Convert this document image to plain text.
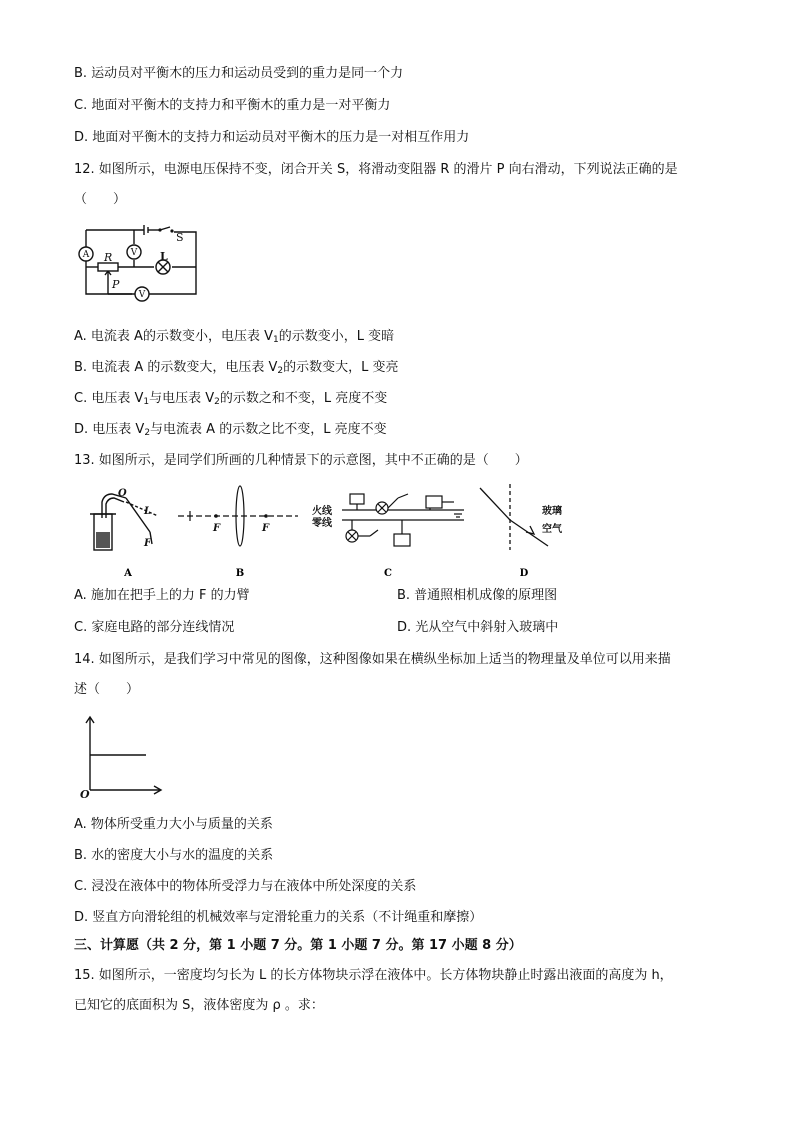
B. 运动员对平衡木的压力和运动员受到的重力是同一个力
C. 地面对平衡木的支持力和平衡木的重力是一对平衡力
D. 地面对平衡木的支持力和运动员对平衡木的压力是一对相互作用力
12. 如图所示，电源电压保持不变，闭合开关 S，将滑动变阻器 R 的滑片 P 向右滑动，下列说法正确的是
（　　）
A	V
V
R
P
L
S
A. 电流表 A的示数变小，电压表 $V_1$的示数变小，L 变暗
B. 电流表 A 的示数变大，电压表 $V_2$的示数变大，L 变亮
C. 电压表 $V_1$与电压表 $V_2$的示数之和不变，L 亮度不变
D. 电压表 $V_2$与电流表 A 的示数之比不变，L 亮度不变
13. 如图所示，是同学们所画的几种情景下的示意图，其中不正确的是（　　）
O
L
F
A
F	F
B
火线
零线
C
玻璃
空气
D
A. 施加在把手上的力 F 的力臂	B. 普通照相机成像的原理图
C. 家庭电路的部分连线情况	D. 光从空气中斜射入玻璃中
14. 如图所示，是我们学习中常见的图像，这种图像如果在横纵坐标加上适当的物理量及单位可以用来描
述（　　）
O
A. 物体所受重力大小与质量的关系
B. 水的密度大小与水的温度的关系
C. 浸没在液体中的物体所受浮力与在液体中所处深度的关系
D. 竖直方向滑轮组的机械效率与定滑轮重力的关系（不计绳重和摩擦）
三、计算愿（共 2 分，第 1 小题 7 分。第 1 小题 7 分。第 17 小题 8 分）
15. 如图所示，一密度均匀长为 L 的长方体物块示浮在液体中。长方体物块静止时露出液面的高度为 h，
已知它的底面积为 S，液体密度为 ρ 。求：
